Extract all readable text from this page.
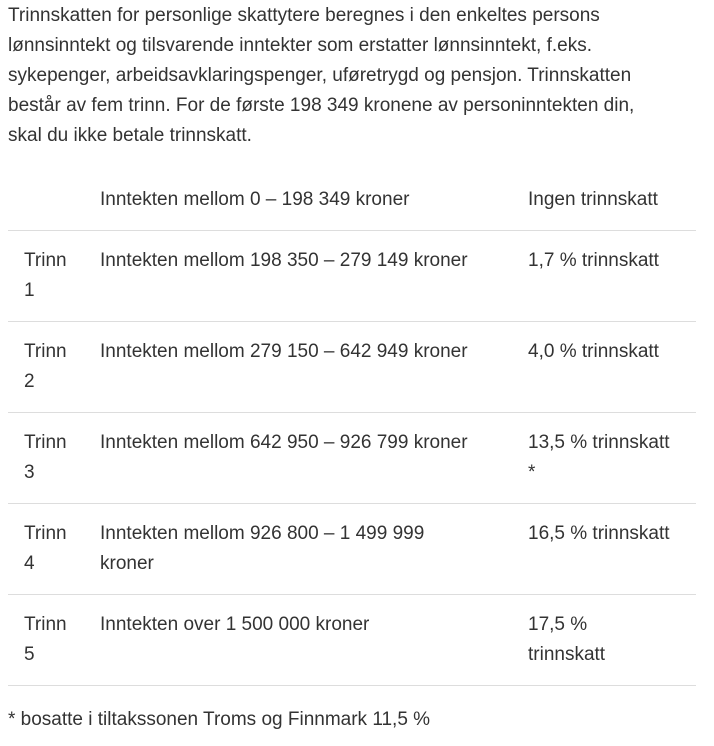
Trinnskatten for personlige skattytere beregnes i den enkeltes persons
lønnsinntekt og tilsvarende inntekter som erstatter lønnsinntekt, f.eks.
sykepenger, arbeidsavklaringspenger, uføretrygd og pensjon. Trinnskatten
består av fem trinn. For de første 198 349 kronene av personinntekten din,
skal du ikke betale trinnskatt.

	Inntekten mellom 0 – 198 349 kroner	Ingen trinnskatt
Trinn
1	Inntekten mellom 198 350 – 279 149 kroner	1,7 % trinnskatt
Trinn
2	Inntekten mellom 279 150 – 642 949 kroner	4,0 % trinnskatt
Trinn
3	Inntekten mellom 642 950 – 926 799 kroner	13,5 % trinnskatt
*
Trinn
4	Inntekten mellom 926 800 – 1 499 999
kroner	16,5 % trinnskatt
Trinn
5	Inntekten over 1 500 000 kroner	17,5 %
trinnskatt

* bosatte i tiltakssonen Troms og Finnmark 11,5 %
